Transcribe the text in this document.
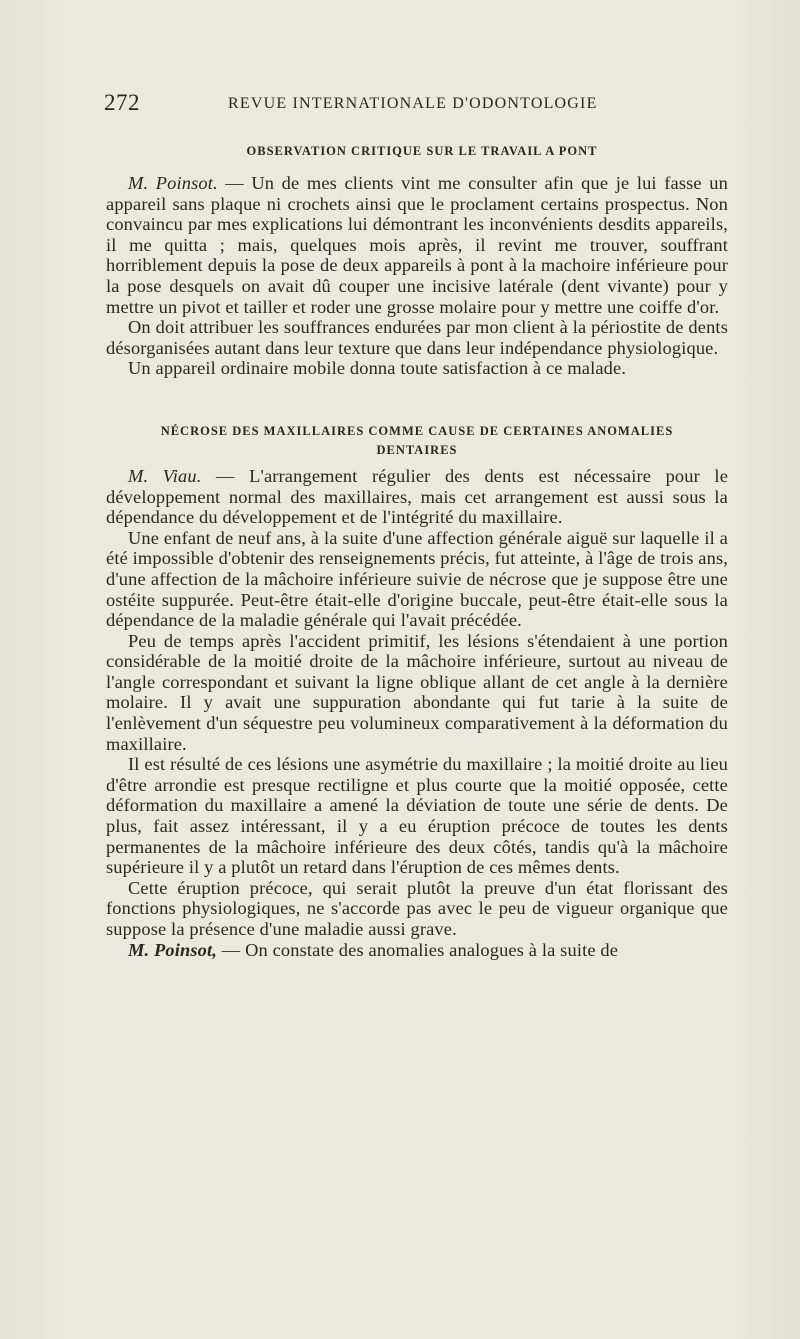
272	REVUE INTERNATIONALE D'ODONTOLOGIE
OBSERVATION CRITIQUE SUR LE TRAVAIL A PONT

M. Poinsot. — Un de mes clients vint me consulter afin que je lui fasse un appareil sans plaque ni crochets ainsi que le proclament certains prospectus. Non convaincu par mes explications lui démontrant les inconvénients desdits appareils, il me quitta ; mais, quelques mois après, il revint me trouver, souffrant horriblement depuis la pose de deux appareils à pont à la machoire inférieure pour la pose desquels on avait dû couper une incisive latérale (dent vivante) pour y mettre un pivot et tailler et roder une grosse molaire pour y mettre une coiffe d'or.

On doit attribuer les souffrances endurées par mon client à la périostite de dents désorganisées autant dans leur texture que dans leur indépendance physiologique.

Un appareil ordinaire mobile donna toute satisfaction à ce malade.

NÉCROSE DES MAXILLAIRES COMME CAUSE DE CERTAINES ANOMALIES
DENTAIRES

M. Viau. — L'arrangement régulier des dents est nécessaire pour le développement normal des maxillaires, mais cet arrangement est aussi sous la dépendance du développement et de l'intégrité du maxillaire.

Une enfant de neuf ans, à la suite d'une affection générale aiguë sur laquelle il a été impossible d'obtenir des renseignements précis, fut atteinte, à l'âge de trois ans, d'une affection de la mâchoire inférieure suivie de nécrose que je suppose être une ostéite suppurée. Peut-être était-elle d'origine buccale, peut-être était-elle sous la dépendance de la maladie générale qui l'avait précédée.

Peu de temps après l'accident primitif, les lésions s'étendaient à une portion considérable de la moitié droite de la mâchoire inférieure, surtout au niveau de l'angle correspondant et suivant la ligne oblique allant de cet angle à la dernière molaire. Il y avait une suppuration abondante qui fut tarie à la suite de l'enlèvement d'un séquestre peu volumineux comparativement à la déformation du maxillaire.

Il est résulté de ces lésions une asymétrie du maxillaire ; la moitié droite au lieu d'être arrondie est presque rectiligne et plus courte que la moitié opposée, cette déformation du maxillaire a amené la déviation de toute une série de dents. De plus, fait assez intéressant, il y a eu éruption précoce de toutes les dents permanentes de la mâchoire inférieure des deux côtés, tandis qu'à la mâchoire supérieure il y a plutôt un retard dans l'éruption de ces mêmes dents.

Cette éruption précoce, qui serait plutôt la preuve d'un état florissant des fonctions physiologiques, ne s'accorde pas avec le peu de vigueur organique que suppose la présence d'une maladie aussi grave.

M. Poinsot, — On constate des anomalies analogues à la suite de
